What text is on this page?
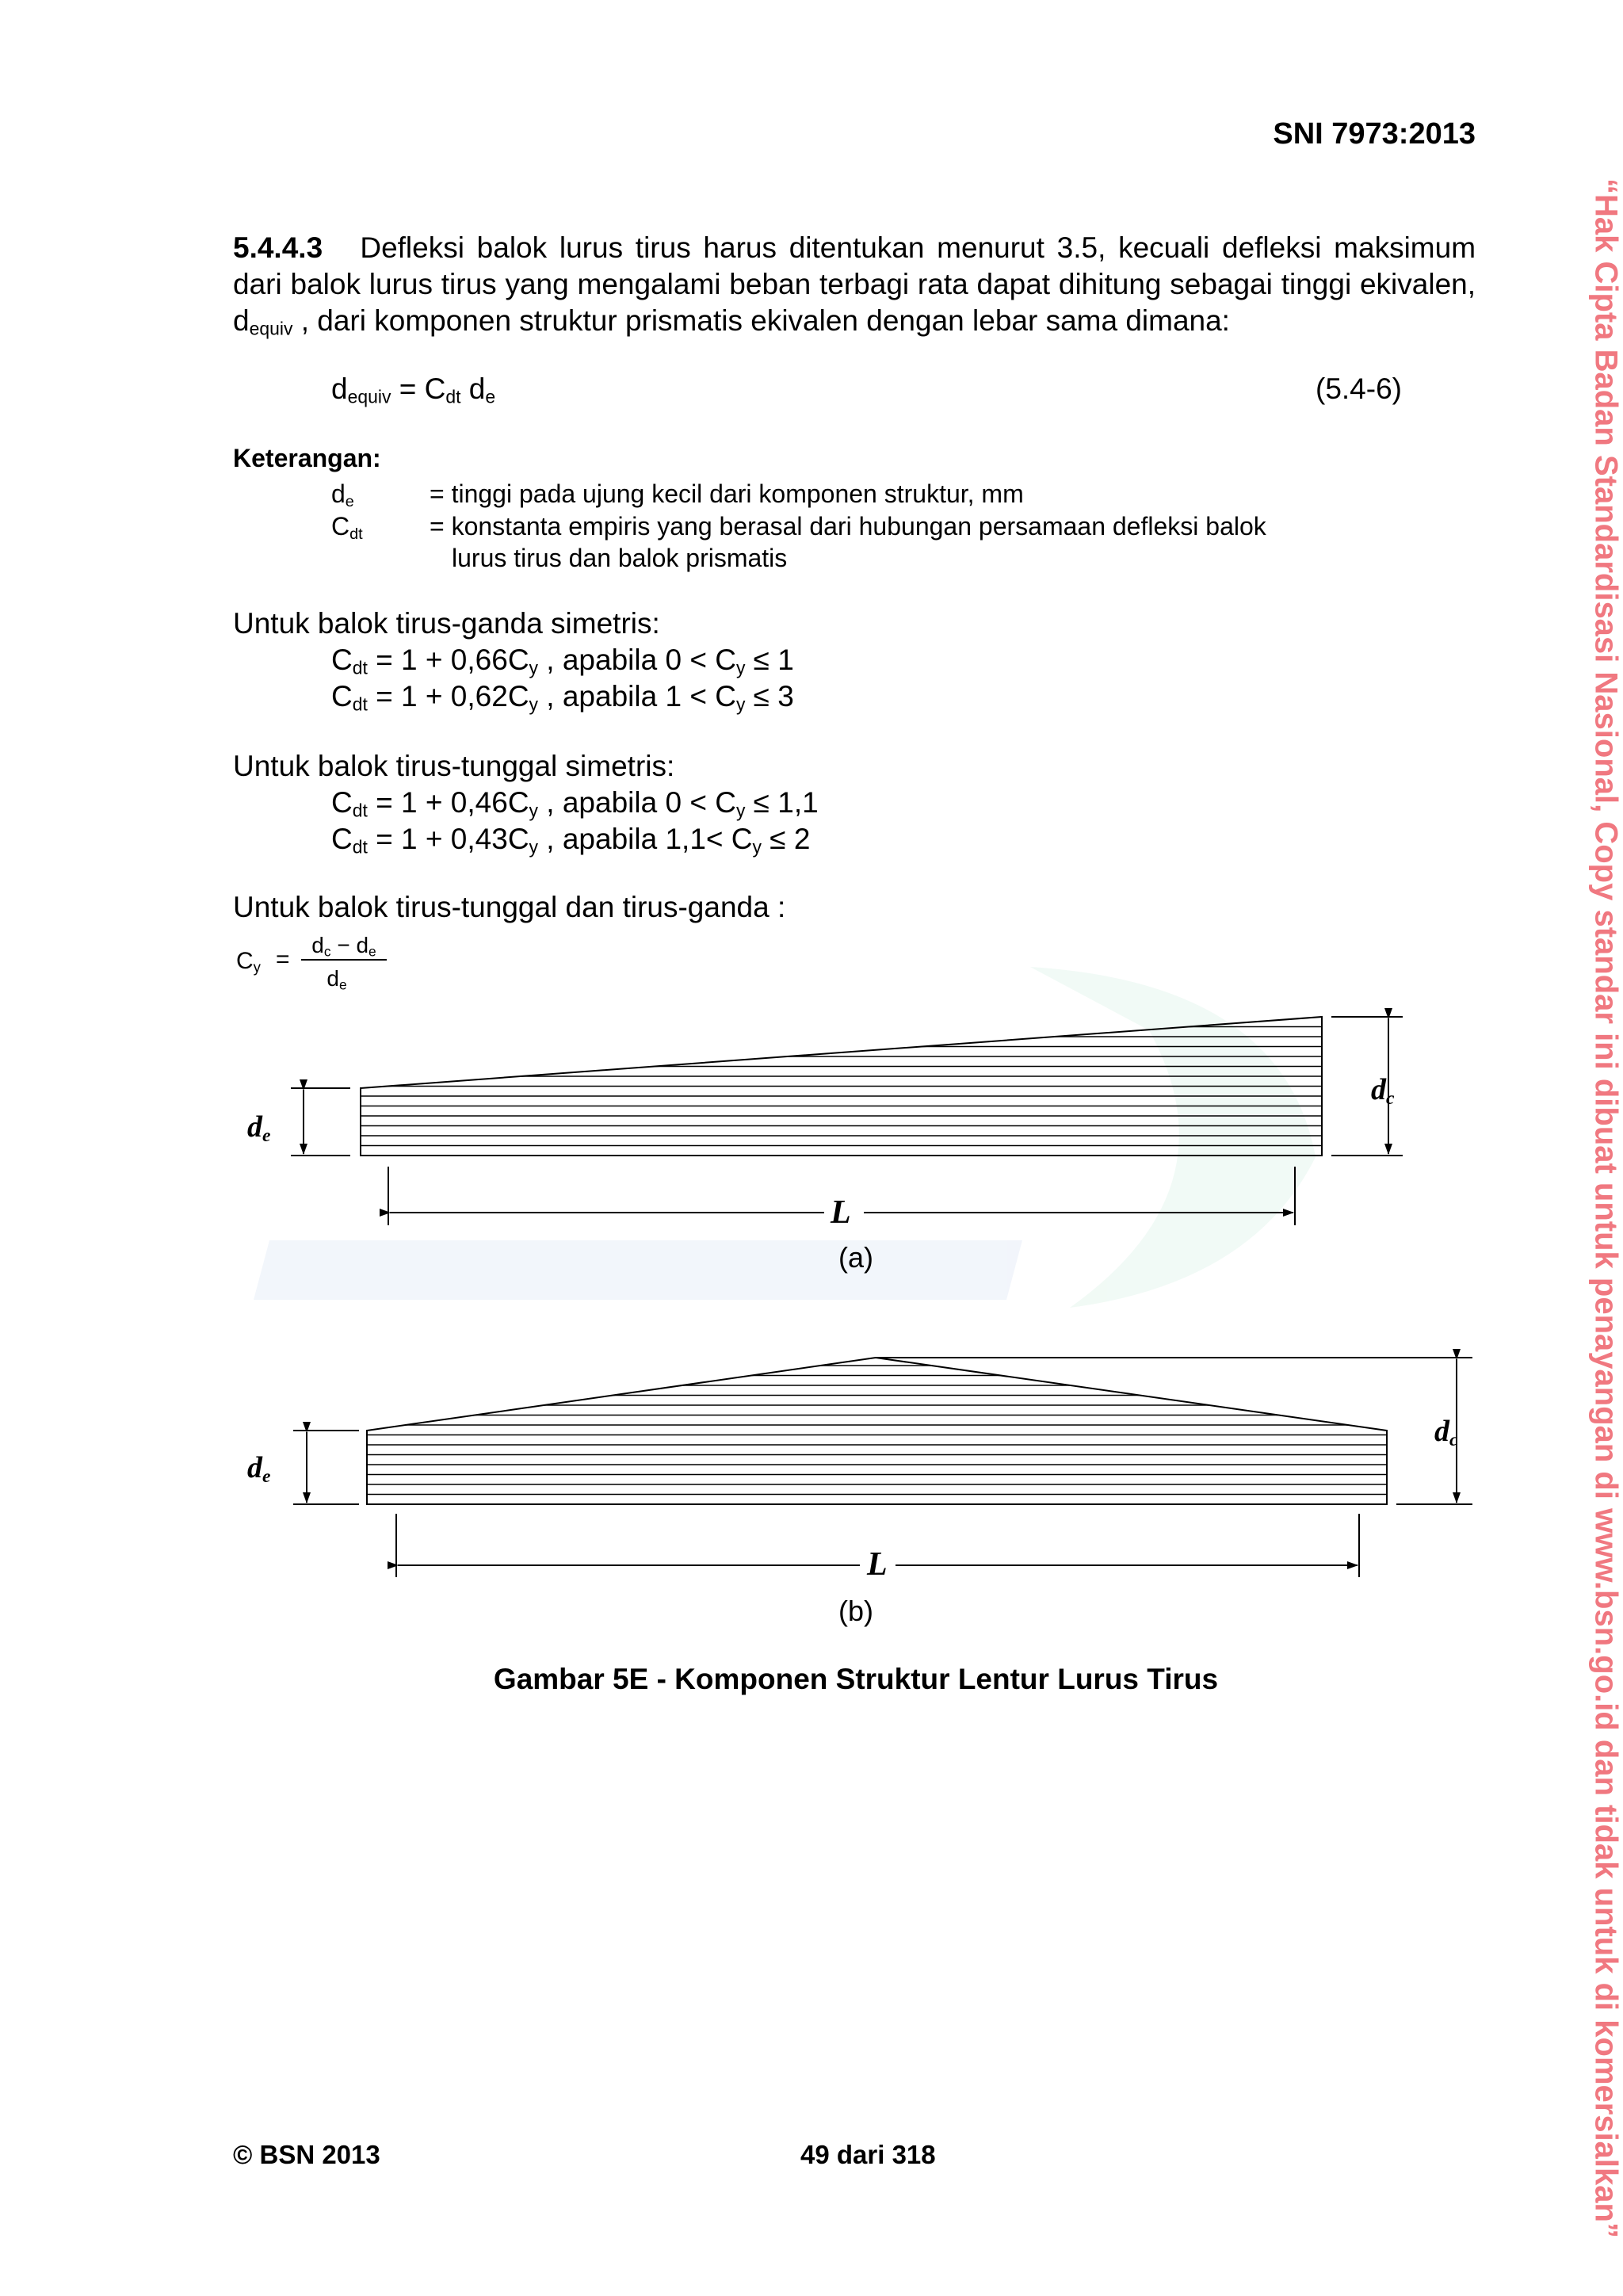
SNI 7973:2013
5.4.4.3 Defleksi balok lurus tirus harus ditentukan menurut 3.5, kecuali defleksi maksimum dari balok lurus tirus yang mengalami beban terbagi rata dapat dihitung sebagai tinggi ekivalen, $d_{equiv}$ , dari komponen struktur prismatis ekivalen dengan lebar sama dimana:
$d_{equiv} = C_{dt}$ $d_e$	(5.4-6)
Keterangan:
$d_e$	= tinggi pada ujung kecil dari komponen struktur, mm
$C_{dt}$	= konstanta empiris yang berasal dari hubungan persamaan defleksi balok
lurus tirus dan balok prismatis
Untuk balok tirus-ganda simetris:
$C_{dt} = 1 + 0,66C_y$ , apabila $0 < C_y \le 1$
$C_{dt} = 1 + 0,62C_y$ , apabila $1 < C_y \le 3$
Untuk balok tirus-tunggal simetris:
$C_{dt} = 1 + 0,46C_y$ , apabila $0 < C_y \le 1,1$
$C_{dt} = 1 + 0,43C_y$ , apabila $1,1< C_y \le 2$
Untuk balok tirus-tunggal dan tirus-ganda :
$C_y$ =
$d_c - d_e$
$d_e$
$d_e$
$d_c$
L
(a)
$d_e$
$d_c$
L
(b)
Gambar 5E - Komponen Struktur Lentur Lurus Tirus	“Hak Cipta Badan Standardisasi Nasional, Copy standar ini dibuat untuk penayangan di www.bsn.go.id dan tidak untuk di komersialkan”
© BSN 2013	49 dari 318
